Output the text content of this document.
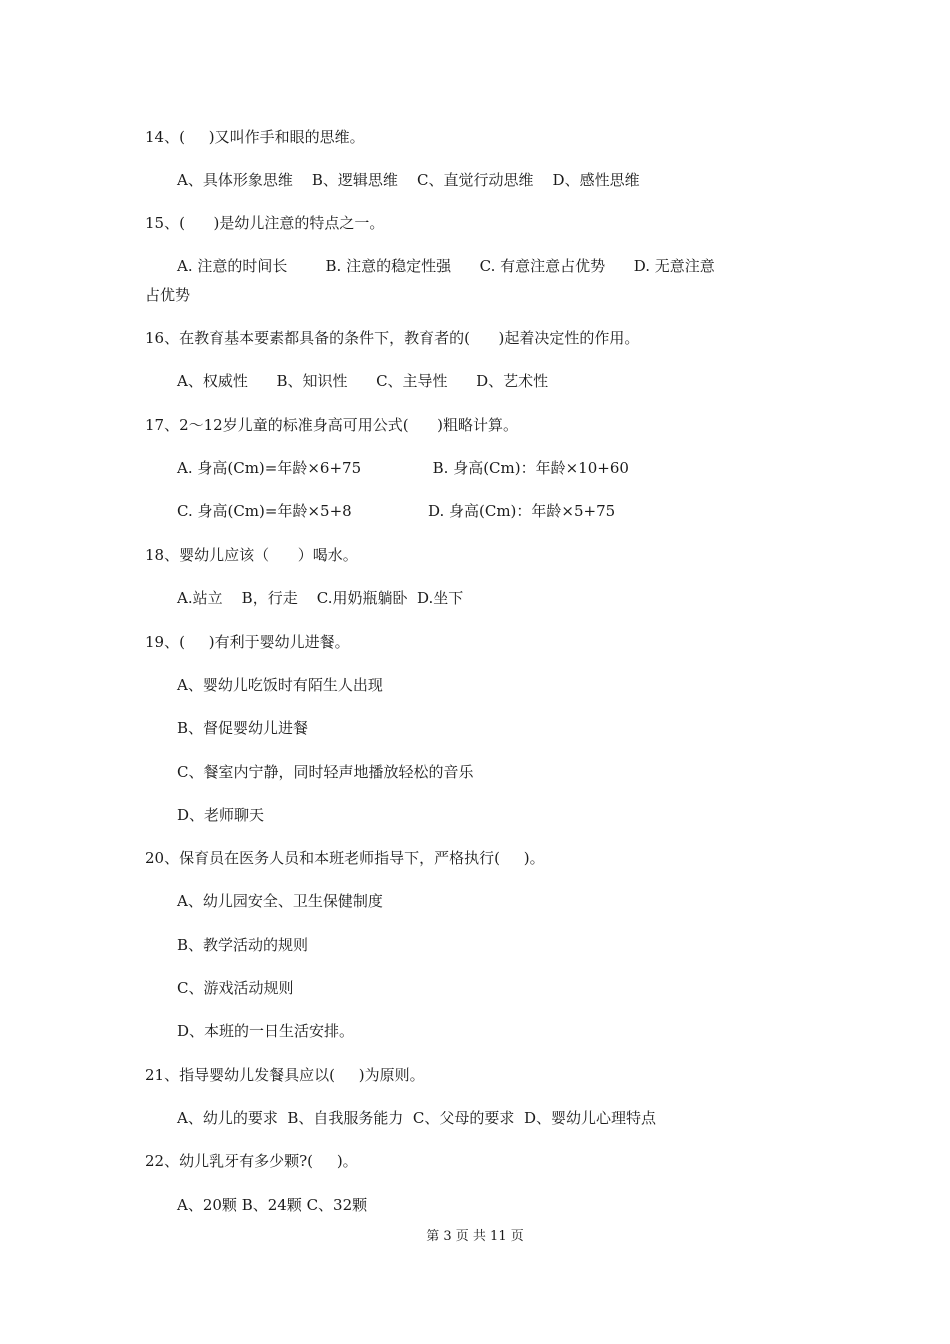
14、(     )又叫作手和眼的思维。
A、具体形象思维    B、逻辑思维    C、直觉行动思维    D、感性思维
15、(      )是幼儿注意的特点之一。
A. 注意的时间长        B. 注意的稳定性强      C. 有意注意占优势      D. 无意注意
占优势
16、在教育基本要素都具备的条件下，教育者的(      )起着决定性的作用。
A、权威性      B、知识性      C、主导性      D、艺术性
17、2～12岁儿童的标准身高可用公式(      )粗略计算。
A. 身高(Cm)=年龄×6+75               B. 身高(Cm)：年龄×10+60
C. 身高(Cm)=年龄×5+8                D. 身高(Cm)：年龄×5+75
18、婴幼儿应该（      ）喝水。
A.站立    B，行走    C.用奶瓶躺卧  D.坐下
19、(     )有利于婴幼儿进餐。
A、婴幼儿吃饭时有陌生人出现
B、督促婴幼儿进餐
C、餐室内宁静，同时轻声地播放轻松的音乐
D、老师聊天
20、保育员在医务人员和本班老师指导下，严格执行(     )。
A、幼儿园安全、卫生保健制度
B、教学活动的规则
C、游戏活动规则
D、本班的一日生活安排。
21、指导婴幼儿发餐具应以(     )为原则。
A、幼儿的要求  B、自我服务能力  C、父母的要求  D、婴幼儿心理特点
22、幼儿乳牙有多少颗?(     )。
A、20颗 B、24颗 C、32颗
第 3 页 共 11 页
